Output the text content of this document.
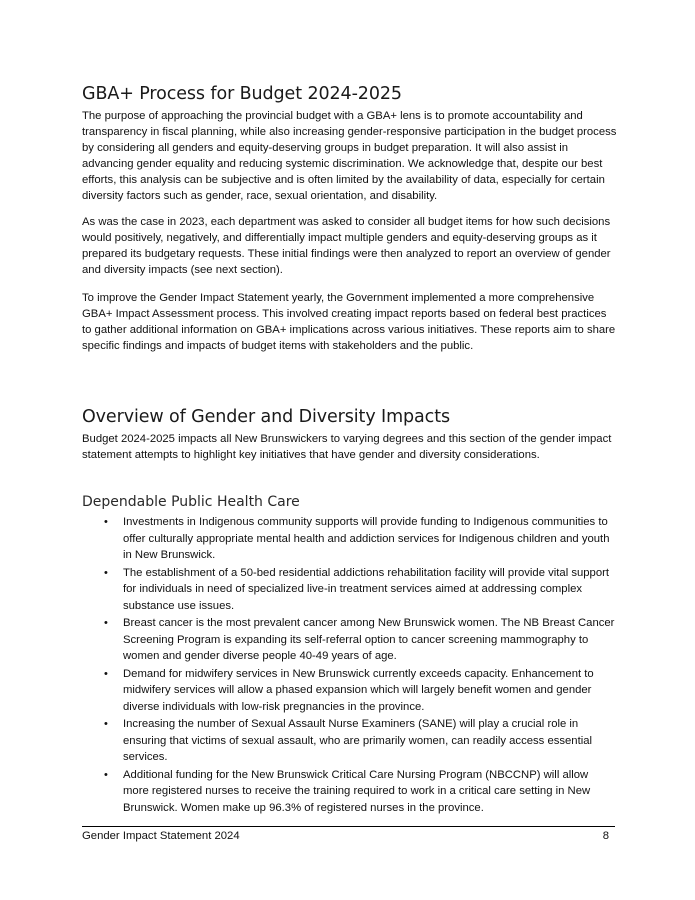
GBA+ Process for Budget 2024-2025

The purpose of approaching the provincial budget with a GBA+ lens is to promote accountability and transparency in fiscal planning, while also increasing gender-responsive participation in the budget process by considering all genders and equity-deserving groups in budget preparation. It will also assist in advancing gender equality and reducing systemic discrimination. We acknowledge that, despite our best efforts, this analysis can be subjective and is often limited by the availability of data, especially for certain diversity factors such as gender, race, sexual orientation, and disability.

As was the case in 2023, each department was asked to consider all budget items for how such decisions would positively, negatively, and differentially impact multiple genders and equity-deserving groups as it prepared its budgetary requests. These initial findings were then analyzed to report an overview of gender and diversity impacts (see next section).

To improve the Gender Impact Statement yearly, the Government implemented a more comprehensive GBA+ Impact Assessment process. This involved creating impact reports based on federal best practices to gather additional information on GBA+ implications across various initiatives. These reports aim to share specific findings and impacts of budget items with stakeholders and the public.

Overview of Gender and Diversity Impacts

Budget 2024-2025 impacts all New Brunswickers to varying degrees and this section of the gender impact statement attempts to highlight key initiatives that have gender and diversity considerations.

Dependable Public Health Care
• Investments in Indigenous community supports will provide funding to Indigenous communities to offer culturally appropriate mental health and addiction services for Indigenous children and youth in New Brunswick.
• The establishment of a 50-bed residential addictions rehabilitation facility will provide vital support for individuals in need of specialized live-in treatment services aimed at addressing complex substance use issues.
• Breast cancer is the most prevalent cancer among New Brunswick women. The NB Breast Cancer Screening Program is expanding its self-referral option to cancer screening mammography to women and gender diverse people 40-49 years of age.
• Demand for midwifery services in New Brunswick currently exceeds capacity. Enhancement to midwifery services will allow a phased expansion which will largely benefit women and gender diverse individuals with low-risk pregnancies in the province.
• Increasing the number of Sexual Assault Nurse Examiners (SANE) will play a crucial role in ensuring that victims of sexual assault, who are primarily women, can readily access essential services.
• Additional funding for the New Brunswick Critical Care Nursing Program (NBCCNP) will allow more registered nurses to receive the training required to work in a critical care setting in New Brunswick. Women make up 96.3% of registered nurses in the province.
Gender Impact Statement 2024	8
